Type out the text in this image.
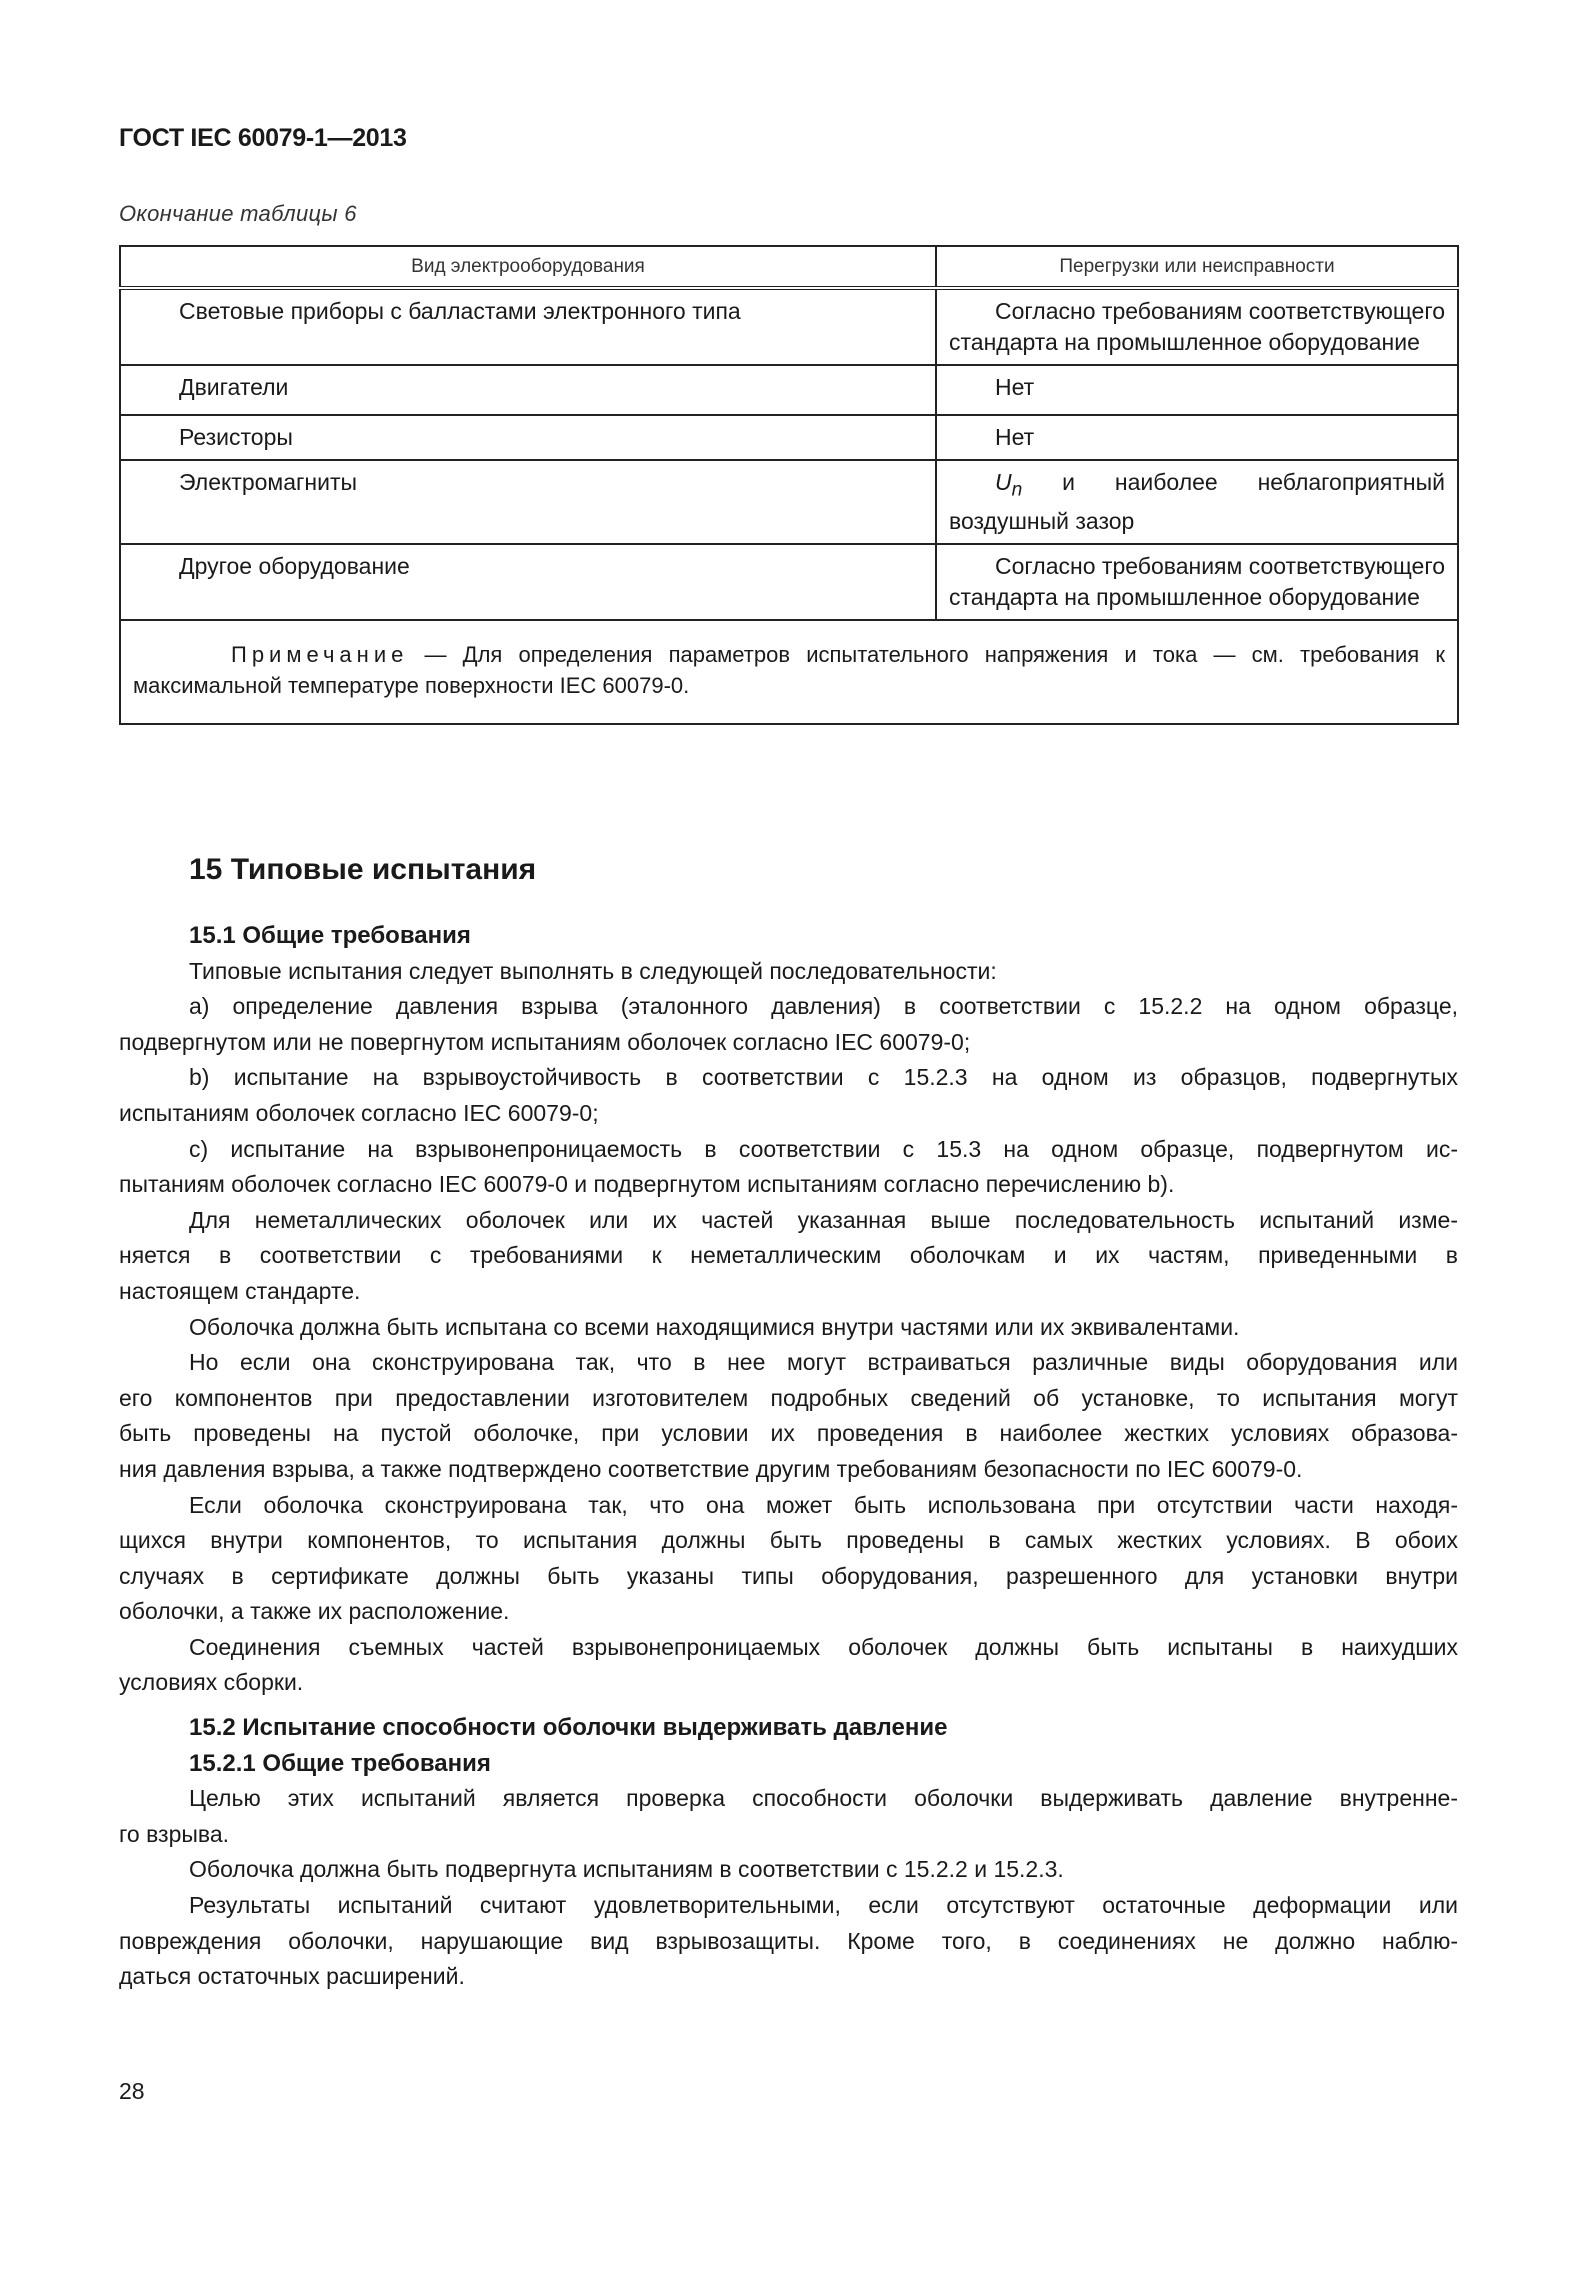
ГОСТ IEC 60079-1—2013
Окончание таблицы 6
Вид электрооборудования	Перегрузки или неисправности

Световые приборы с балластами электронного типа	Согласно требованиям соответствующего стандарта на промышленное оборудование

Двигатели	Нет

Резисторы	Нет

Электромагниты	$U_n$ и наиболее неблагоприятный воздушный зазор

Другое оборудование	Согласно требованиям соответствующего стандарта на промышленное оборудование

Примечание — Для определения параметров испытательного напряжения и тока — см. требования к максимальной температуре поверхности IEC 60079-0.	
15 Типовые испытания
15.1 Общие требования
Типовые испытания следует выполнять в следующей последовательности:
а) определение давления взрыва (эталонного давления) в соответствии с 15.2.2 на одном образце,
подвергнутом или не повергнутом испытаниям оболочек согласно IEC 60079-0;
b) испытание на взрывоустойчивость в соответствии с 15.2.3 на одном из образцов, подвергнутых
испытаниям оболочек согласно IEC 60079-0;
c) испытание на взрывонепроницаемость в соответствии с 15.3 на одном образце, подвергнутом ис-
пытаниям оболочек согласно IEC 60079-0 и подвергнутом испытаниям согласно перечислению b).
Для неметаллических оболочек или их частей указанная выше последовательность испытаний изме-
няется в соответствии с требованиями к неметаллическим оболочкам и их частям, приведенными в
настоящем стандарте.
Оболочка должна быть испытана со всеми находящимися внутри частями или их эквивалентами.
Но если она сконструирована так, что в нее могут встраиваться различные виды оборудования или
его компонентов при предоставлении изготовителем подробных сведений об установке, то испытания могут
быть проведены на пустой оболочке, при условии их проведения в наиболее жестких условиях образова-
ния давления взрыва, а также подтверждено соответствие другим требованиям безопасности по IEC 60079-0.
Если оболочка сконструирована так, что она может быть использована при отсутствии части находя-
щихся внутри компонентов, то испытания должны быть проведены в самых жестких условиях. В обоих
случаях в сертификате должны быть указаны типы оборудования, разрешенного для установки внутри
оболочки, а также их расположение.
Соединения съемных частей взрывонепроницаемых оболочек должны быть испытаны в наихудших
условиях сборки.
15.2 Испытание способности оболочки выдерживать давление
15.2.1 Общие требования
Целью этих испытаний является проверка способности оболочки выдерживать давление внутренне-
го взрыва.
Оболочка должна быть подвергнута испытаниям в соответствии с 15.2.2 и 15.2.3.
Результаты испытаний считают удовлетворительными, если отсутствуют остаточные деформации или
повреждения оболочки, нарушающие вид взрывозащиты. Кроме того, в соединениях не должно наблю-
даться остаточных расширений.
28
